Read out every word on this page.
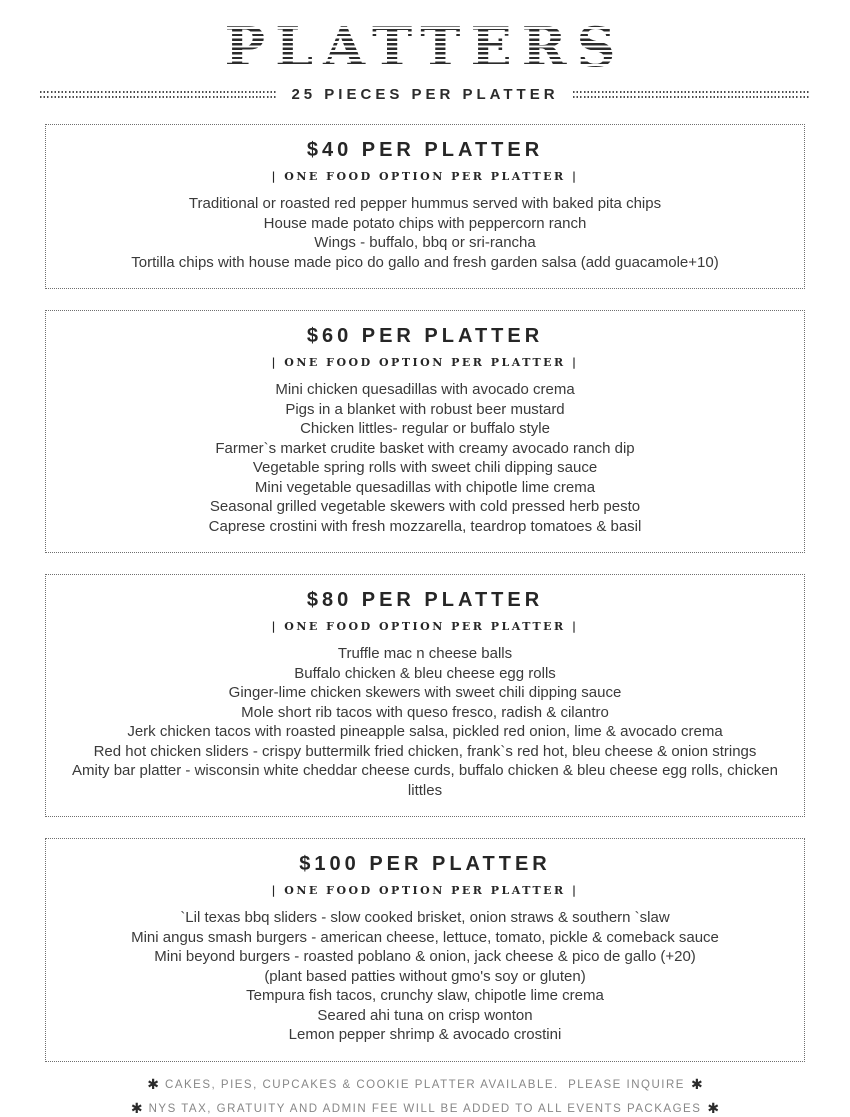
PLATTERS
25 PIECES PER PLATTER
$40 PER PLATTER
| ONE FOOD OPTION PER PLATTER |
Traditional or roasted red pepper hummus served with baked pita chips
House made potato chips with peppercorn ranch
Wings - buffalo, bbq or sri-rancha
Tortilla chips with house made pico do gallo and fresh garden salsa (add guacamole+10)
$60 PER PLATTER
| ONE FOOD OPTION PER PLATTER |
Mini chicken quesadillas with avocado crema
Pigs in a blanket with robust beer mustard
Chicken littles- regular or buffalo style
Farmer`s market crudite basket with creamy avocado ranch dip
Vegetable spring rolls with sweet chili dipping sauce
Mini vegetable quesadillas with chipotle lime crema
Seasonal grilled vegetable skewers with cold pressed herb pesto
Caprese crostini with fresh mozzarella, teardrop tomatoes & basil
$80 PER PLATTER
| ONE FOOD OPTION PER PLATTER |
Truffle mac n cheese balls
Buffalo chicken & bleu cheese egg rolls
Ginger-lime chicken skewers with sweet chili dipping sauce
Mole short rib tacos with queso fresco, radish & cilantro
Jerk chicken tacos with roasted pineapple salsa, pickled red onion, lime & avocado crema
Red hot chicken sliders - crispy buttermilk fried chicken, frank`s red hot, bleu cheese & onion strings
Amity bar platter - wisconsin white cheddar cheese curds, buffalo chicken & bleu cheese egg rolls, chicken littles
$100 PER PLATTER
| ONE FOOD OPTION PER PLATTER |
`Lil texas bbq sliders - slow cooked brisket, onion straws & southern `slaw
Mini angus smash burgers - american cheese, lettuce, tomato, pickle & comeback sauce
Mini beyond burgers - roasted poblano & onion, jack cheese & pico de gallo (+20)
(plant based patties without gmo's soy or gluten)
Tempura fish tacos, crunchy slaw, chipotle lime crema
Seared ahi tuna on crisp wonton
Lemon pepper shrimp & avocado crostini
✱ CAKES, PIES, CUPCAKES & COOKIE PLATTER AVAILABLE.  PLEASE INQUIRE ✱
✱ NYS TAX, GRATUITY AND ADMIN FEE WILL BE ADDED TO ALL EVENTS PACKAGES ✱
